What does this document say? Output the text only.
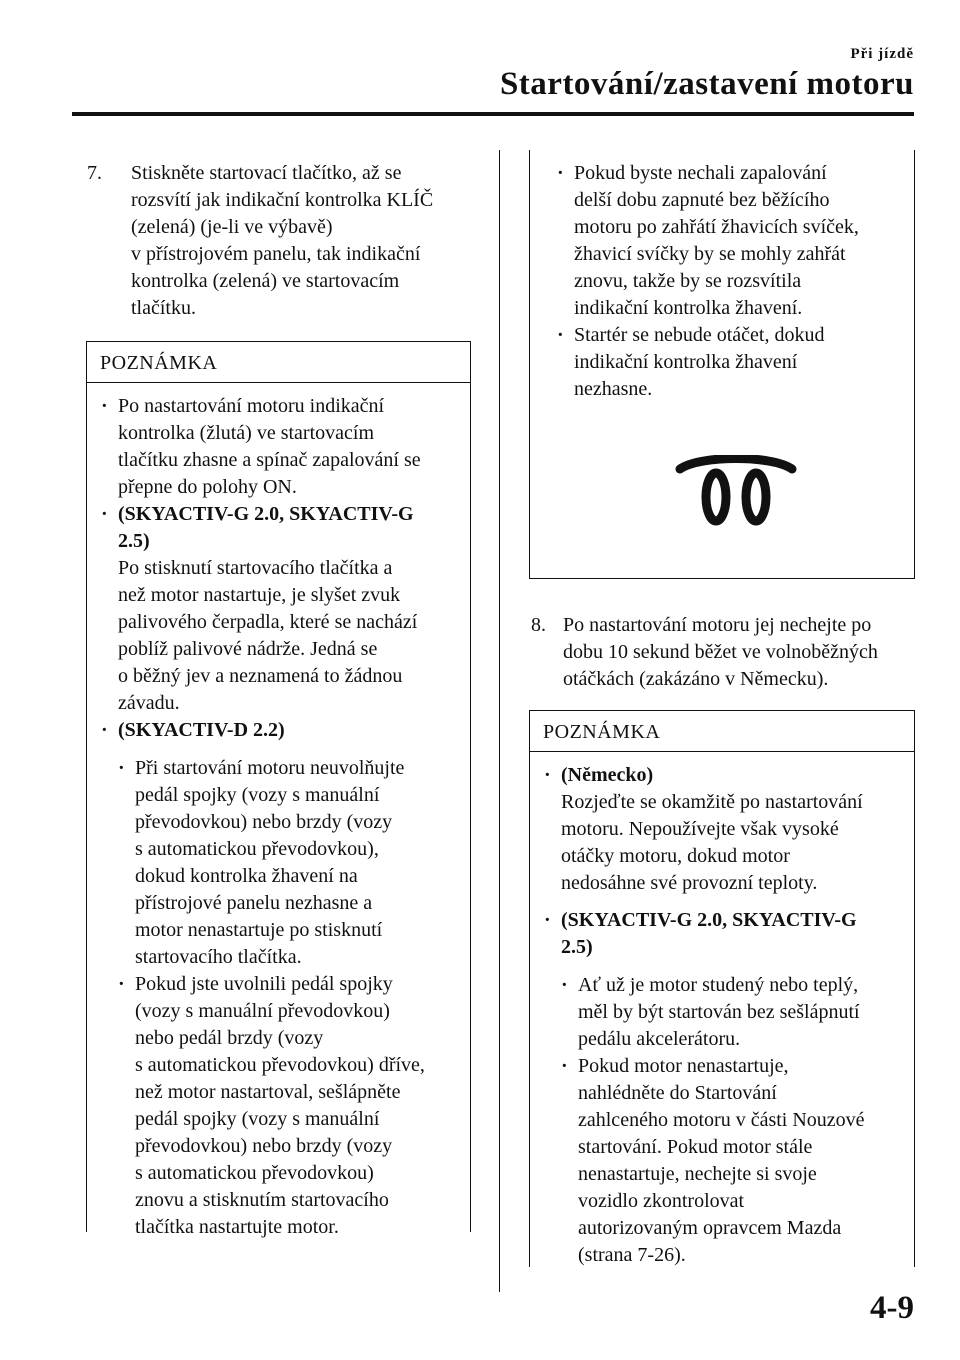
Při jízdě
Startování/zastavení motoru
7. Stiskněte startovací tlačítko, až se
rozsvítí jak indikační kontrolka KLÍČ
(zelená) (je-li ve výbavě)
v přístrojovém panelu, tak indikační
kontrolka (zelená) ve startovacím
tlačítku.
POZNÁMKA
· Po nastartování motoru indikační
kontrolka (žlutá) ve startovacím
tlačítku zhasne a spínač zapalování se
přepne do polohy ON.
· (SKYACTIV-G 2.0, SKYACTIV-G
2.5)
Po stisknutí startovacího tlačítka a
než motor nastartuje, je slyšet zvuk
palivového čerpadla, které se nachází
poblíž palivové nádrže. Jedná se
o běžný jev a neznamená to žádnou
závadu.
· (SKYACTIV-D 2.2)
· Při startování motoru neuvolňujte
pedál spojky (vozy s manuální
převodovkou) nebo brzdy (vozy
s automatickou převodovkou),
dokud kontrolka žhavení na
přístrojové panelu nezhasne a
motor nenastartuje po stisknutí
startovacího tlačítka.
· Pokud jste uvolnili pedál spojky
(vozy s manuální převodovkou)
nebo pedál brzdy (vozy
s automatickou převodovkou) dříve,
než motor nastartoval, sešlápněte
pedál spojky (vozy s manuální
převodovkou) nebo brzdy (vozy
s automatickou převodovkou)
znovu a stisknutím startovacího
tlačítka nastartujte motor.
· Pokud byste nechali zapalování
delší dobu zapnuté bez běžícího
motoru po zahřátí žhavicích svíček,
žhavicí svíčky by se mohly zahřát
znovu, takže by se rozsvítila
indikační kontrolka žhavení.
· Startér se nebude otáčet, dokud
indikační kontrolka žhavení
nezhasne.
8. Po nastartování motoru jej nechejte po
dobu 10 sekund běžet ve volnoběžných
otáčkách (zakázáno v Německu).
POZNÁMKA
· (Německo)
Rozjeďte se okamžitě po nastartování
motoru. Nepoužívejte však vysoké
otáčky motoru, dokud motor
nedosáhne své provozní teploty.
· (SKYACTIV-G 2.0, SKYACTIV-G
2.5)
· Ať už je motor studený nebo teplý,
měl by být startován bez sešlápnutí
pedálu akcelerátoru.
· Pokud motor nenastartuje,
nahlédněte do Startování
zahlceného motoru v části Nouzové
startování. Pokud motor stále
nenastartuje, nechejte si svoje
vozidlo zkontrolovat
autorizovaným opravcem Mazda
(strana 7-26).
4-9
